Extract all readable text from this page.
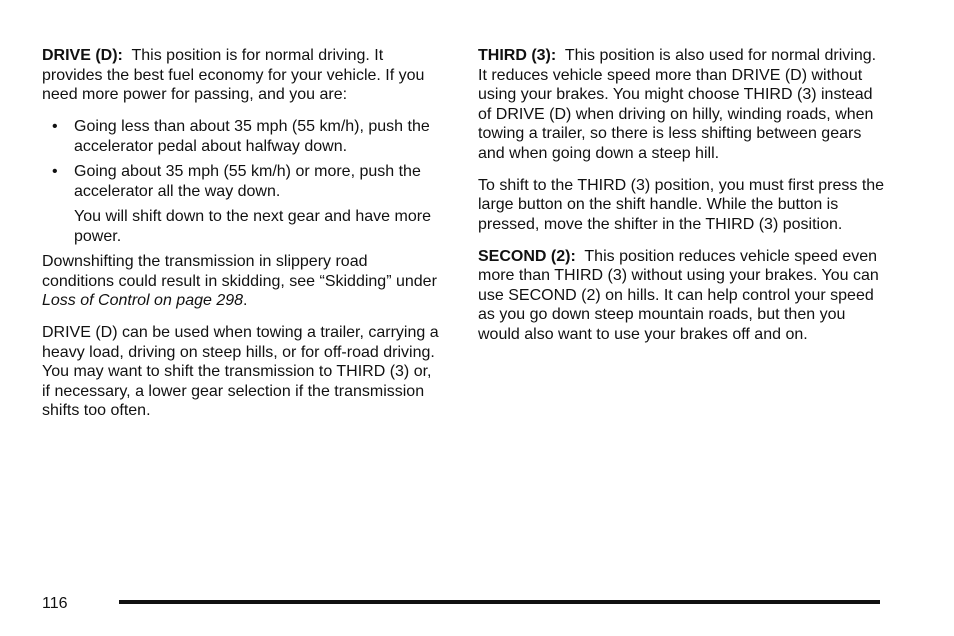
DRIVE (D): This position is for normal driving. It provides the best fuel economy for your vehicle. If you need more power for passing, and you are:

• Going less than about 35 mph (55 km/h), push the accelerator pedal about halfway down.
• Going about 35 mph (55 km/h) or more, push the accelerator all the way down.

You will shift down to the next gear and have more power.

Downshifting the transmission in slippery road conditions could result in skidding, see “Skidding” under Loss of Control on page 298.

DRIVE (D) can be used when towing a trailer, carrying a heavy load, driving on steep hills, or for off-road driving. You may want to shift the transmission to THIRD (3) or, if necessary, a lower gear selection if the transmission shifts too often.

THIRD (3): This position is also used for normal driving. It reduces vehicle speed more than DRIVE (D) without using your brakes. You might choose THIRD (3) instead of DRIVE (D) when driving on hilly, winding roads, when towing a trailer, so there is less shifting between gears and when going down a steep hill.

To shift to the THIRD (3) position, you must first press the large button on the shift handle. While the button is pressed, move the shifter in the THIRD (3) position.

SECOND (2): This position reduces vehicle speed even more than THIRD (3) without using your brakes. You can use SECOND (2) on hills. It can help control your speed as you go down steep mountain roads, but then you would also want to use your brakes off and on.

116
